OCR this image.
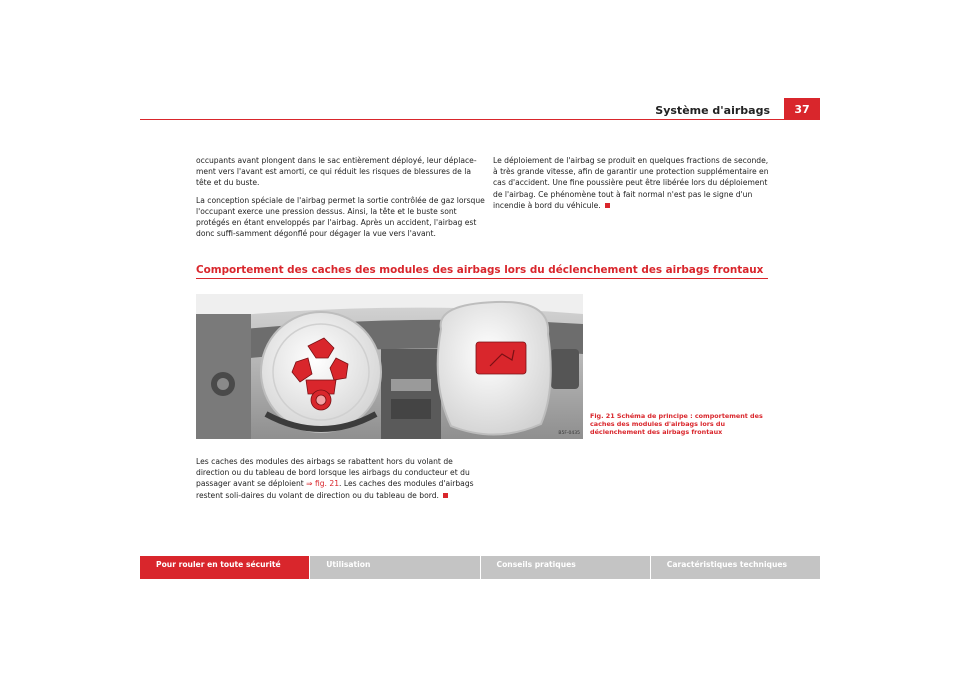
Système d'airbags	37

occupants avant plongent dans le sac entièrement déployé, leur déplace-ment vers l'avant est amorti, ce qui réduit les risques de blessures de la tête et du buste.

La conception spéciale de l'airbag permet la sortie contrôlée de gaz lorsque l'occupant exerce une pression dessus. Ainsi, la tête et le buste sont protégés en étant enveloppés par l'airbag. Après un accident, l'airbag est donc suffi-samment dégonflé pour dégager la vue vers l'avant.

Le déploiement de l'airbag se produit en quelques fractions de seconde, à très grande vitesse, afin de garantir une protection supplémentaire en cas d'accident. Une fine poussière peut être libérée lors du déploiement de l'airbag. Ce phénomène tout à fait normal n'est pas le signe d'un incendie à bord du véhicule.

Comportement des caches des modules des airbags lors du déclenchement des airbags frontaux
B5F-0435
Fig. 21 Schéma de principe : comportement des caches des modules d'airbags lors du déclenchement des airbags frontaux

Les caches des modules des airbags se rabattent hors du volant de direction ou du tableau de bord lorsque les airbags du conducteur et du passager avant se déploient ⇒ fig. 21. Les caches des modules d'airbags restent soli-daires du volant de direction ou du tableau de bord.

Pour rouler en toute sécurité	Utilisation	Conseils pratiques	Caractéristiques techniques
